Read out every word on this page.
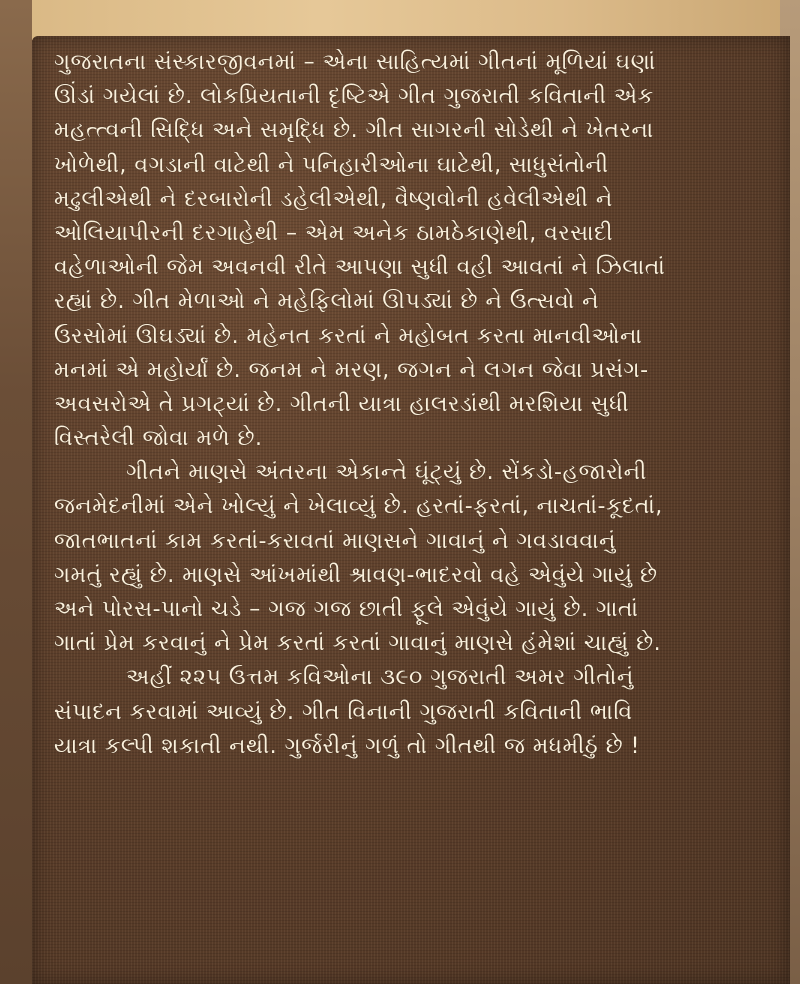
ગુજરાતના સંસ્કારજીવનમાં – એના સાહિત્યમાં ગીતનાં મૂળિયાં ઘણાં
ઊંડાં ગયેલાં છે. લોકપ્રિયતાની દૃષ્ટિએ ગીત ગુજરાતી કવિતાની એક
મહત્ત્વની સિદ્ધિ અને સમૃદ્ધિ છે. ગીત સાગરની સોડેથી ને ખેતરના
ખોળેથી, વગડાની વાટેથી ને પનિહારીઓના ઘાટેથી, સાધુસંતોની
મઢુલીએથી ને દરબારોની ડહેલીએથી, વૈષ્ણવોની હવેલીએથી ને
ઓલિયાપીરની દરગાહેથી – એમ અનેક ઠામઠેકાણેથી, વરસાદી
વહેળાઓની જેમ અવનવી રીતે આપણા સુધી વહી આવતાં ને ઝિલાતાં
રહ્યાં છે. ગીત મેળાઓ ને મહેફિલોમાં ઊપડ્યાં છે ને ઉત્સવો ને
ઉરસોમાં ઊઘડ્યાં છે. મહેનત કરતાં ને મહોબત કરતા માનવીઓના
મનમાં એ મહોર્યાં છે. જનમ ને મરણ, જગન ને લગન જેવા પ્રસંગ-
અવસરોએ તે પ્રગટ્યાં છે. ગીતની યાત્રા હાલરડાંથી મરશિયા સુધી
વિસ્તરેલી જોવા મળે છે.
ગીતને માણસે અંતરના એકાન્તે ઘૂંટ્યું છે. સેંકડો-હજારોની
જનમેદનીમાં એને ખોલ્યું ને ખેલાવ્યું છે. હરતાં-ફરતાં, નાચતાં-કૂદતાં,
જાતભાતનાં કામ કરતાં-કરાવતાં માણસને ગાવાનું ને ગવડાવવાનું
ગમતું રહ્યું છે. માણસે આંખમાંથી શ્રાવણ-ભાદરવો વહે એવુંયે ગાયું છે
અને પોરસ-પાનો ચડે – ગજ ગજ છાતી ફૂલે એવુંયે ગાયું છે. ગાતાં
ગાતાં પ્રેમ કરવાનું ને પ્રેમ કરતાં કરતાં ગાવાનું માણસે હંમેશાં ચાહ્યું છે.
અહીં ૨૨૫ ઉત્તમ કવિઓના ૩૯૦ ગુજરાતી અમર ગીતોનું
સંપાદન કરવામાં આવ્યું છે. ગીત વિનાની ગુજરાતી કવિતાની ભાવિ
યાત્રા કલ્પી શકાતી નથી. ગુર્જરીનું ગળું તો ગીતથી જ મધમીઠું છે !
